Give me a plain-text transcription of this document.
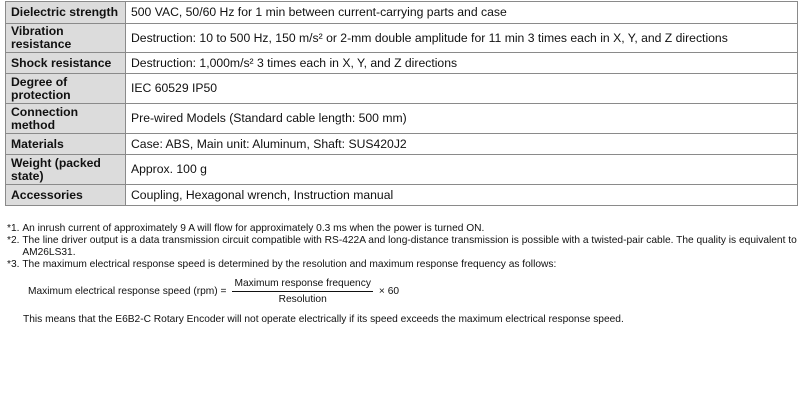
Dielectric strength	500 VAC, 50/60 Hz for 1 min between current-carrying parts and case
Vibration resistance	Destruction: 10 to 500 Hz, 150 m/s² or 2-mm double amplitude for 11 min 3 times each in X, Y, and Z directions
Shock resistance	Destruction: 1,000m/s² 3 times each in X, Y, and Z directions
Degree of protection	IEC 60529 IP50
Connection method	Pre-wired Models (Standard cable length: 500 mm)
Materials	Case: ABS, Main unit: Aluminum, Shaft: SUS420J2
Weight (packed state)	Approx. 100 g
Accessories	Coupling, Hexagonal wrench, Instruction manual
*1.
An inrush current of approximately 9 A will flow for approximately 0.3 ms when the power is turned ON.
*2.
The line driver output is a data transmission circuit compatible with RS-422A and long-distance transmission is possible with a twisted-pair cable. The quality is equivalent to AM26LS31.
*3.
The maximum electrical response speed is determined by the resolution and maximum response frequency as follows:
Maximum electrical response speed $(rpm) = \frac{\text{Maximum response frequency}}{\text{Resolution}} \times 60$
This means that the E6B2-C Rotary Encoder will not operate electrically if its speed exceeds the maximum electrical response speed.
